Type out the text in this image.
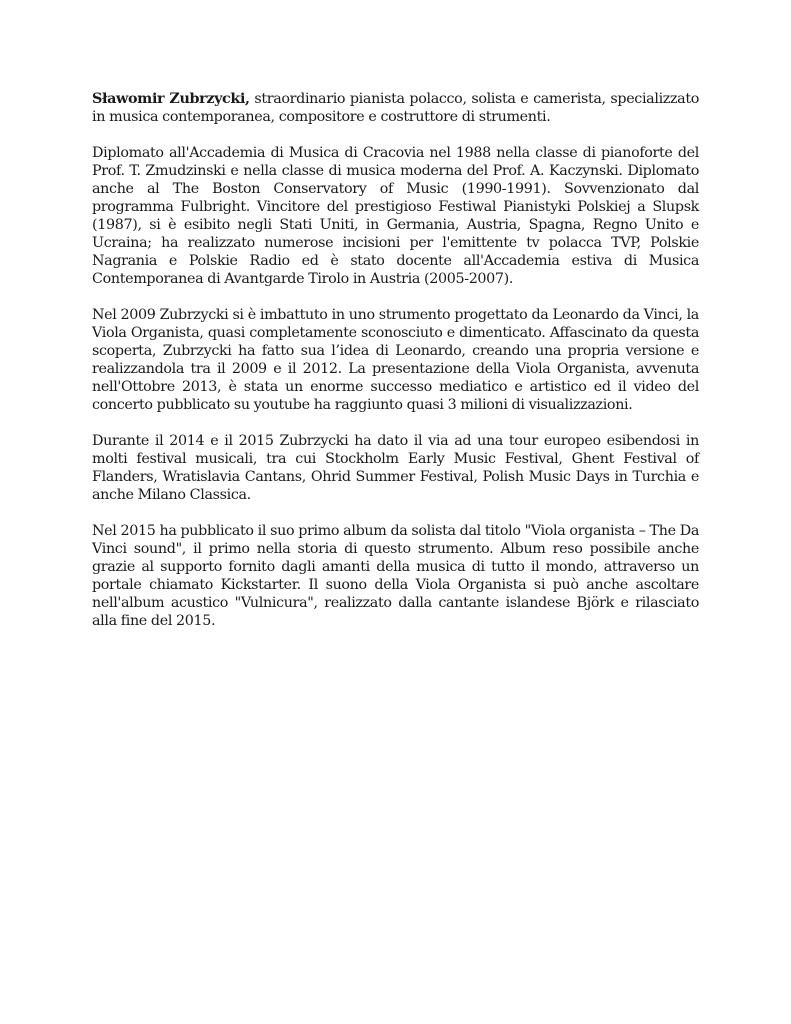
Sławomir Zubrzycki, straordinario pianista polacco, solista e camerista, specializzato in musica contemporanea, compositore e costruttore di strumenti.

Diplomato all'Accademia di Musica di Cracovia nel 1988 nella classe di pianoforte del Prof. T. Zmudzinski e nella classe di musica moderna del Prof. A. Kaczynski. Diplomato anche al The Boston Conservatory of Music (1990-1991). Sovvenzionato dal programma Fulbright. Vincitore del prestigioso Festiwal Pianistyki Polskiej a Slupsk (1987), si è esibito negli Stati Uniti, in Germania, Austria, Spagna, Regno Unito e Ucraina; ha realizzato numerose incisioni per l'emittente tv polacca TVP, Polskie Nagrania e Polskie Radio ed è stato docente all'Accademia estiva di Musica Contemporanea di Avantgarde Tirolo in Austria (2005-2007).

Nel 2009 Zubrzycki si è imbattuto in uno strumento progettato da Leonardo da Vinci, la Viola Organista, quasi completamente sconosciuto e dimenticato. Affascinato da questa scoperta, Zubrzycki ha fatto sua l’idea di Leonardo, creando una propria versione e realizzandola tra il 2009 e il 2012. La presentazione della Viola Organista, avvenuta nell'Ottobre 2013, è stata un enorme successo mediatico e artistico ed il video del concerto pubblicato su youtube ha raggiunto quasi 3 milioni di visualizzazioni.

Durante il 2014 e il 2015 Zubrzycki ha dato il via ad una tour europeo esibendosi in molti festival musicali, tra cui Stockholm Early Music Festival, Ghent Festival of Flanders, Wratislavia Cantans, Ohrid Summer Festival, Polish Music Days in Turchia e anche Milano Classica.

Nel 2015 ha pubblicato il suo primo album da solista dal titolo "Viola organista – The Da Vinci sound", il primo nella storia di questo strumento. Album reso possibile anche grazie al supporto fornito dagli amanti della musica di tutto il mondo, attraverso un portale chiamato Kickstarter. Il suono della Viola Organista si può anche ascoltare nell'album acustico "Vulnicura", realizzato dalla cantante islandese Björk e rilasciato alla fine del 2015.
